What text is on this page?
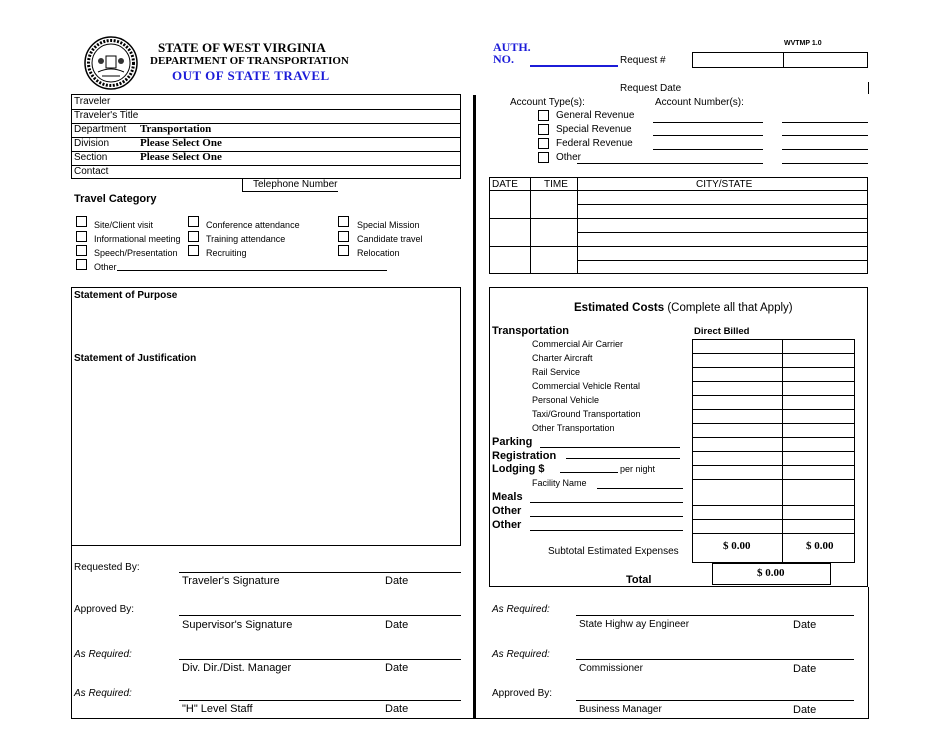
STATE OF WEST VIRGINIA
DEPARTMENT OF TRANSPORTATION
OUT OF STATE TRAVEL
AUTH.
NO.
WVTMP 1.0
Request #
Request Date
Traveler
Traveler's Title
Department Transportation
Division	Please Select One
Section	Please Select One
Contact
Telephone Number
Travel Category
Site/Client visit
Informational meeting
Speech/Presentation
Other
Conference attendance
Training attendance
Recruiting
Special Mission
Candidate travel
Relocation
Statement of Purpose
Statement of Justification
Requested By:
Traveler's Signature	Date
Approved By:
Supervisor's Signature	Date
As Required:
Div. Dir./Dist. Manager	Date
As Required:
"H" Level Staff	Date
Account Type(s):	Account Number(s):
General Revenue
Special Revenue
Federal Revenue
Other
DATE	TIME	CITY/STATE
Estimated Costs (Complete all that Apply)
Transportation	Direct Billed
Commercial Air Carrier
Charter Aircraft
Rail Service
Commercial Vehicle Rental
Personal Vehicle
Taxi/Ground Transportation
Other Transportation
Parking
Registration
Lodging $	per night
Facility Name
Meals
Other
Other
Subtotal Estimated Expenses	$ 0.00	$ 0.00
Total
$ 0.00
As Required:
State Highw ay Engineer	Date
As Required:
Commissioner	Date
Approved By:
Business Manager	Date
